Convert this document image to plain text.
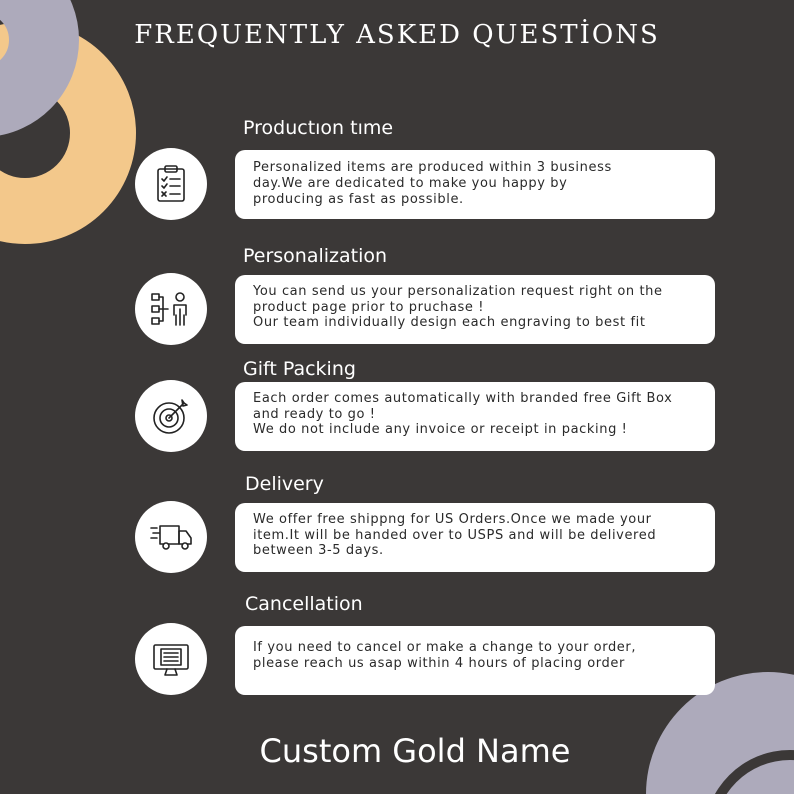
FREQUENTLY ASKED QUESTİONS
Productıon tıme
Personalized items are produced within 3 business
day.We are dedicated to make you happy by
producing as fast as possible.
Personalization
You can send us your personalization request right on the
product page prior to pruchase !
Our team individually design each engraving to best fit
Gift Packing
Each order comes automatically with branded free Gift Box
and ready to go !
We do not include any invoice or receipt in packing !
Delivery
We offer free shippng for US Orders.Once we made your
item.It will be handed over to USPS and will be delivered
between 3-5 days.
Cancellation
If you need to cancel or make a change to your order,
please reach us asap within 4 hours of placing order
Custom Gold Name
